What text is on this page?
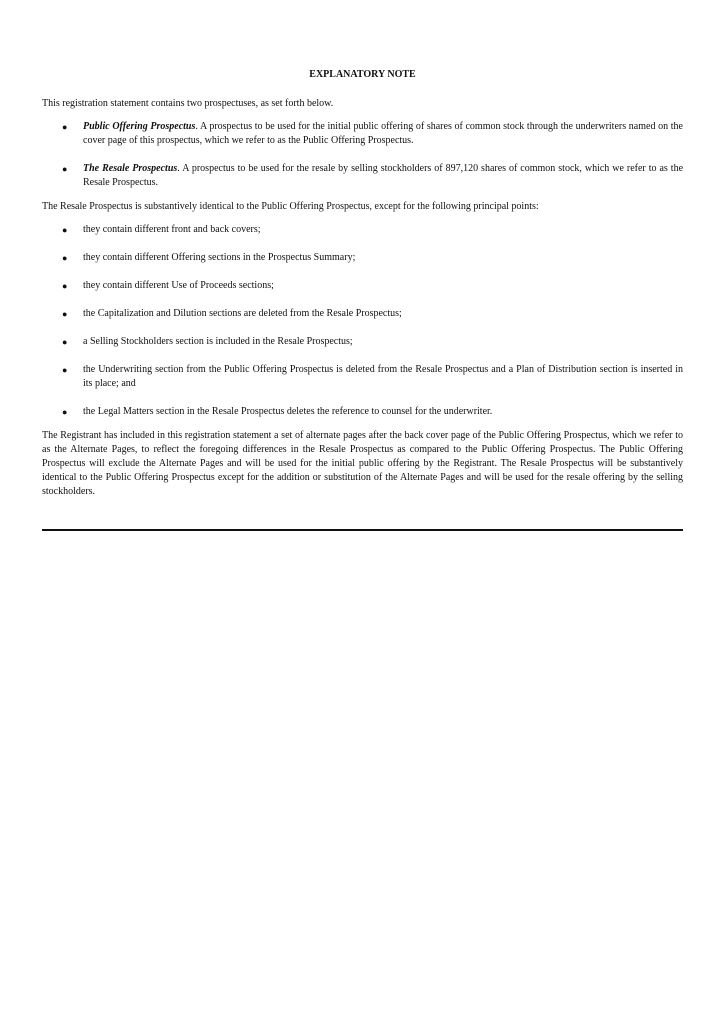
EXPLANATORY NOTE

This registration statement contains two prospectuses, as set forth below.

● Public Offering Prospectus. A prospectus to be used for the initial public offering of shares of common stock through the underwriters named on the cover page of this prospectus, which we refer to as the Public Offering Prospectus.
● The Resale Prospectus. A prospectus to be used for the resale by selling stockholders of 897,120 shares of common stock, which we refer to as the Resale Prospectus.

The Resale Prospectus is substantively identical to the Public Offering Prospectus, except for the following principal points:

● they contain different front and back covers;
● they contain different Offering sections in the Prospectus Summary;
● they contain different Use of Proceeds sections;
● the Capitalization and Dilution sections are deleted from the Resale Prospectus;
● a Selling Stockholders section is included in the Resale Prospectus;
● the Underwriting section from the Public Offering Prospectus is deleted from the Resale Prospectus and a Plan of Distribution section is inserted in its place; and
● the Legal Matters section in the Resale Prospectus deletes the reference to counsel for the underwriter.

The Registrant has included in this registration statement a set of alternate pages after the back cover page of the Public Offering Prospectus, which we refer to as the Alternate Pages, to reflect the foregoing differences in the Resale Prospectus as compared to the Public Offering Prospectus. The Public Offering Prospectus will exclude the Alternate Pages and will be used for the initial public offering by the Registrant. The Resale Prospectus will be substantively identical to the Public Offering Prospectus except for the addition or substitution of the Alternate Pages and will be used for the resale offering by the selling stockholders.
